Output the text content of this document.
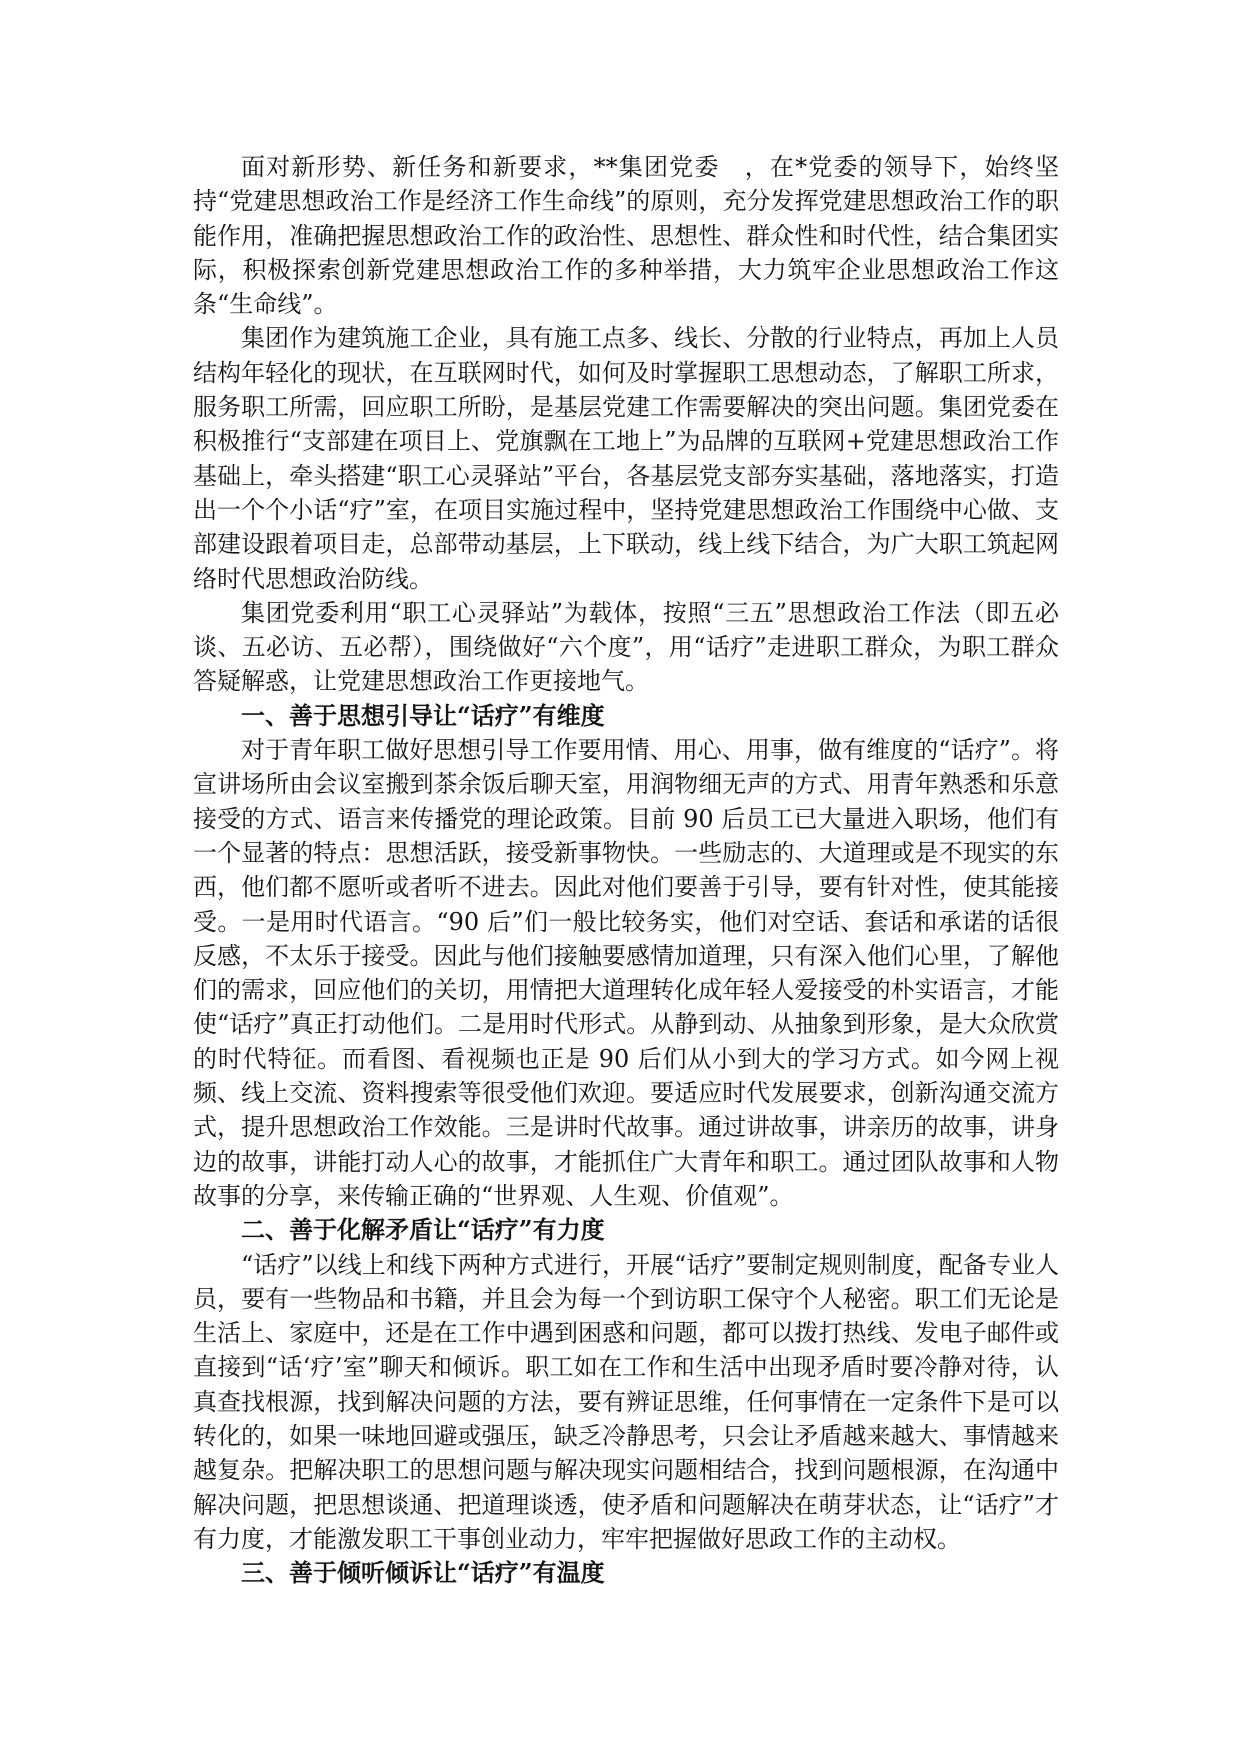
面对新形势、新任务和新要求，**集团党委　，在*党委的领导下，始终坚持“党建思想政治工作是经济工作生命线”的原则，充分发挥党建思想政治工作的职能作用，准确把握思想政治工作的政治性、思想性、群众性和时代性，结合集团实际，积极探索创新党建思想政治工作的多种举措，大力筑牢企业思想政治工作这条“生命线”。

集团作为建筑施工企业，具有施工点多、线长、分散的行业特点，再加上人员结构年轻化的现状，在互联网时代，如何及时掌握职工思想动态，了解职工所求，服务职工所需，回应职工所盼，是基层党建工作需要解决的突出问题。集团党委在积极推行“支部建在项目上、党旗飘在工地上”为品牌的互联网+党建思想政治工作基础上，牵头搭建“职工心灵驿站”平台，各基层党支部夯实基础，落地落实，打造出一个个小话“疗”室，在项目实施过程中，坚持党建思想政治工作围绕中心做、支部建设跟着项目走，总部带动基层，上下联动，线上线下结合，为广大职工筑起网络时代思想政治防线。

集团党委利用“职工心灵驿站”为载体，按照“三五”思想政治工作法（即五必谈、五必访、五必帮），围绕做好“六个度”，用“话疗”走进职工群众，为职工群众答疑解惑，让党建思想政治工作更接地气。

一、善于思想引导让“话疗”有维度

对于青年职工做好思想引导工作要用情、用心、用事，做有维度的“话疗”。将宣讲场所由会议室搬到茶余饭后聊天室，用润物细无声的方式、用青年熟悉和乐意接受的方式、语言来传播党的理论政策。目前 90 后员工已大量进入职场，他们有一个显著的特点：思想活跃，接受新事物快。一些励志的、大道理或是不现实的东西，他们都不愿听或者听不进去。因此对他们要善于引导，要有针对性，使其能接受。一是用时代语言。“90 后”们一般比较务实，他们对空话、套话和承诺的话很反感，不太乐于接受。因此与他们接触要感情加道理，只有深入他们心里，了解他们的需求，回应他们的关切，用情把大道理转化成年轻人爱接受的朴实语言，才能使“话疗”真正打动他们。二是用时代形式。从静到动、从抽象到形象，是大众欣赏的时代特征。而看图、看视频也正是 90 后们从小到大的学习方式。如今网上视频、线上交流、资料搜索等很受他们欢迎。要适应时代发展要求，创新沟通交流方式，提升思想政治工作效能。三是讲时代故事。通过讲故事，讲亲历的故事，讲身边的故事，讲能打动人心的故事，才能抓住广大青年和职工。通过团队故事和人物故事的分享，来传输正确的“世界观、人生观、价值观”。

二、善于化解矛盾让“话疗”有力度

“话疗”以线上和线下两种方式进行，开展“话疗”要制定规则制度，配备专业人员，要有一些物品和书籍，并且会为每一个到访职工保守个人秘密。职工们无论是生活上、家庭中，还是在工作中遇到困惑和问题，都可以拨打热线、发电子邮件或直接到“话‘疗’室”聊天和倾诉。职工如在工作和生活中出现矛盾时要冷静对待，认真查找根源，找到解决问题的方法，要有辨证思维，任何事情在一定条件下是可以转化的，如果一味地回避或强压，缺乏冷静思考，只会让矛盾越来越大、事情越来越复杂。把解决职工的思想问题与解决现实问题相结合，找到问题根源，在沟通中解决问题，把思想谈通、把道理谈透，使矛盾和问题解决在萌芽状态，让“话疗”才有力度，才能激发职工干事创业动力，牢牢把握做好思政工作的主动权。

三、善于倾听倾诉让“话疗”有温度
